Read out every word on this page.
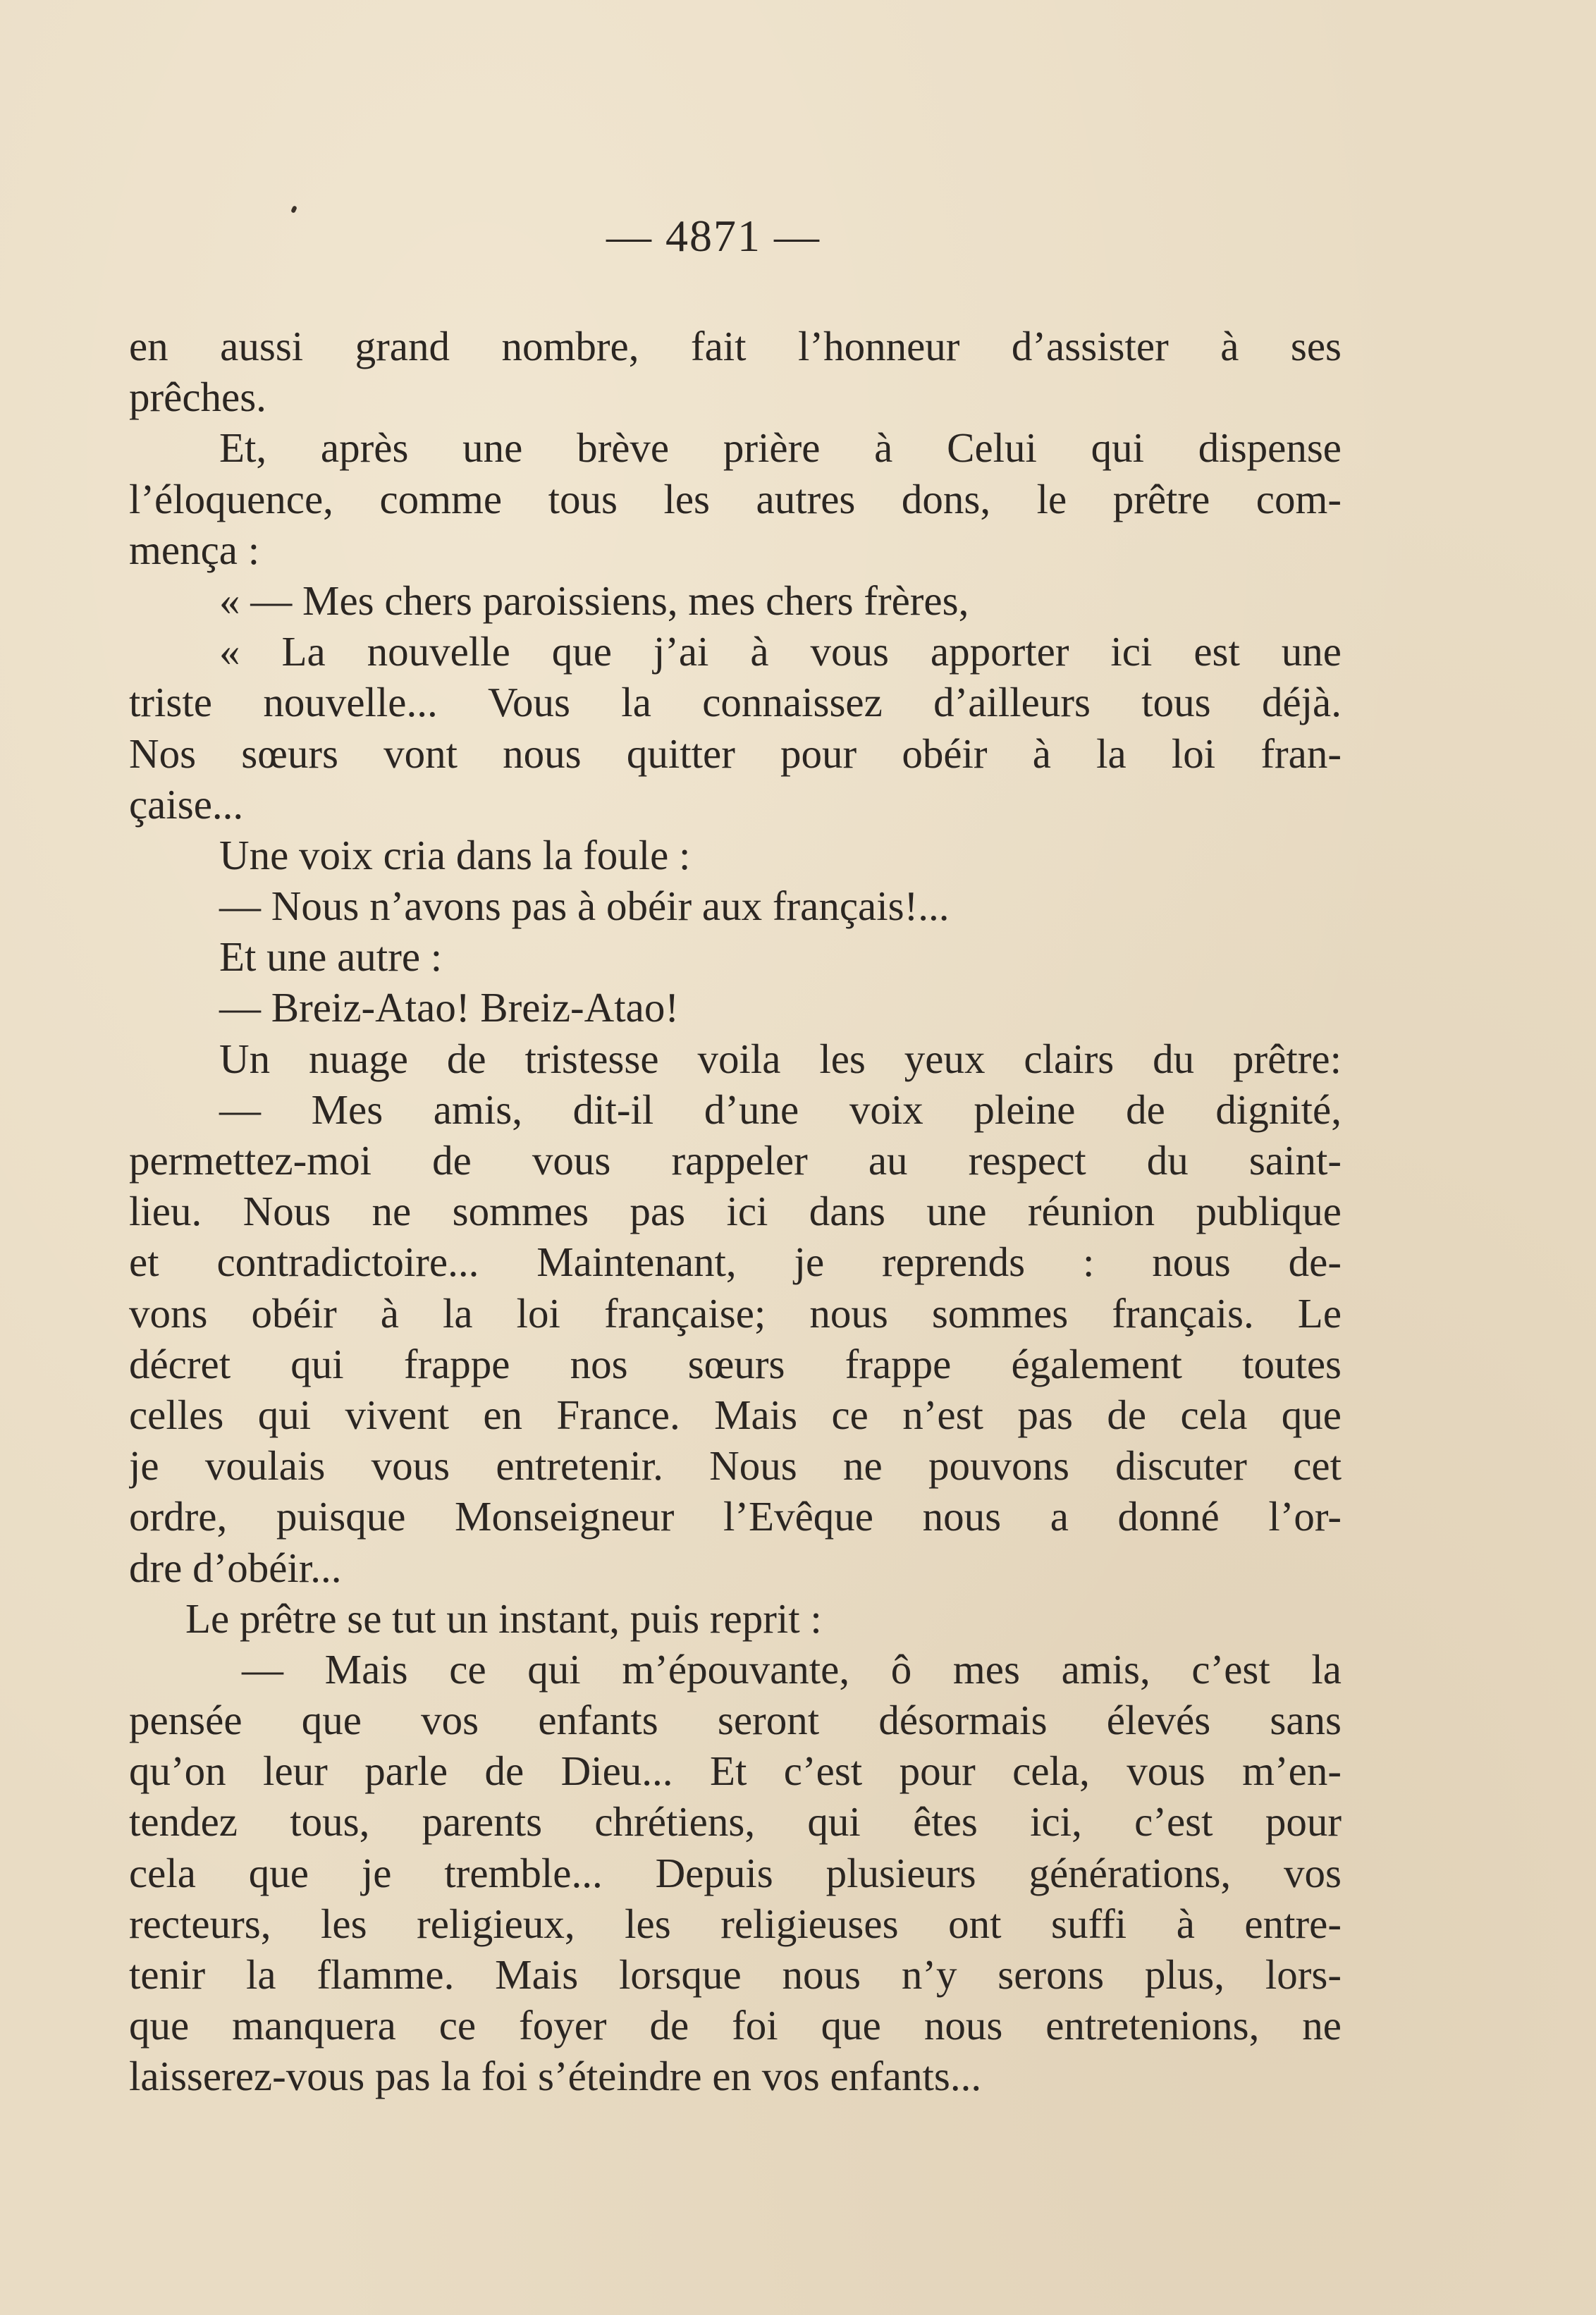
— 4871 —
en aussi grand nombre, fait l’honneur d’assister à ses
prêches.
Et, après une brève prière à Celui qui dispense
l’éloquence, comme tous les autres dons, le prêtre com-
mença :
« — Mes chers paroissiens, mes chers frères,
« La nouvelle que j’ai à vous apporter ici est une
triste nouvelle... Vous la connaissez d’ailleurs tous déjà.
Nos sœurs vont nous quitter pour obéir à la loi fran-
çaise...
Une voix cria dans la foule :
— Nous n’avons pas à obéir aux français!...
Et une autre :
— Breiz-Atao! Breiz-Atao!
Un nuage de tristesse voila les yeux clairs du prêtre:
— Mes amis, dit-il d’une voix pleine de dignité,
permettez-moi de vous rappeler au respect du saint-
lieu. Nous ne sommes pas ici dans une réunion publique
et contradictoire... Maintenant, je reprends : nous de-
vons obéir à la loi française; nous sommes français. Le
décret qui frappe nos sœurs frappe également toutes
celles qui vivent en France. Mais ce n’est pas de cela que
je voulais vous entretenir. Nous ne pouvons discuter cet
ordre, puisque Monseigneur l’Evêque nous a donné l’or-
dre d’obéir...
Le prêtre se tut un instant, puis reprit :
— Mais ce qui m’épouvante, ô mes amis, c’est la
pensée que vos enfants seront désormais élevés sans
qu’on leur parle de Dieu... Et c’est pour cela, vous m’en-
tendez tous, parents chrétiens, qui êtes ici, c’est pour
cela que je tremble... Depuis plusieurs générations, vos
recteurs, les religieux, les religieuses ont suffi à entre-
tenir la flamme. Mais lorsque nous n’y serons plus, lors-
que manquera ce foyer de foi que nous entretenions, ne
laisserez-vous pas la foi s’éteindre en vos enfants...
